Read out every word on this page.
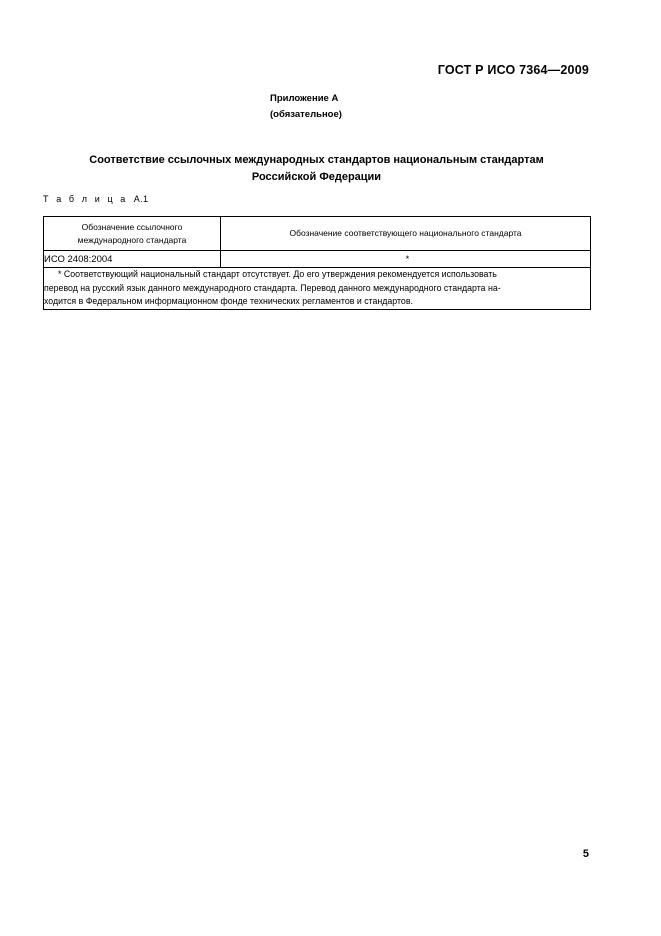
ГОСТ Р ИСО 7364—2009
Приложение А
(обязательное)
Соответствие ссылочных международных стандартов национальным стандартам
Российской Федерации
Т а б л и ц а А.1
Обозначение ссылочного
международного стандарта	Обозначение соответствующего национального стандарта
ИСО 2408:2004	*

* Соответствующий национальный стандарт отсутствует. До его утверждения рекомендуется использовать

перевод на русский язык данного международного стандарта. Перевод данного международного стандарта на-

ходится в Федеральном информационном фонде технических регламентов и стандартов.	

5
